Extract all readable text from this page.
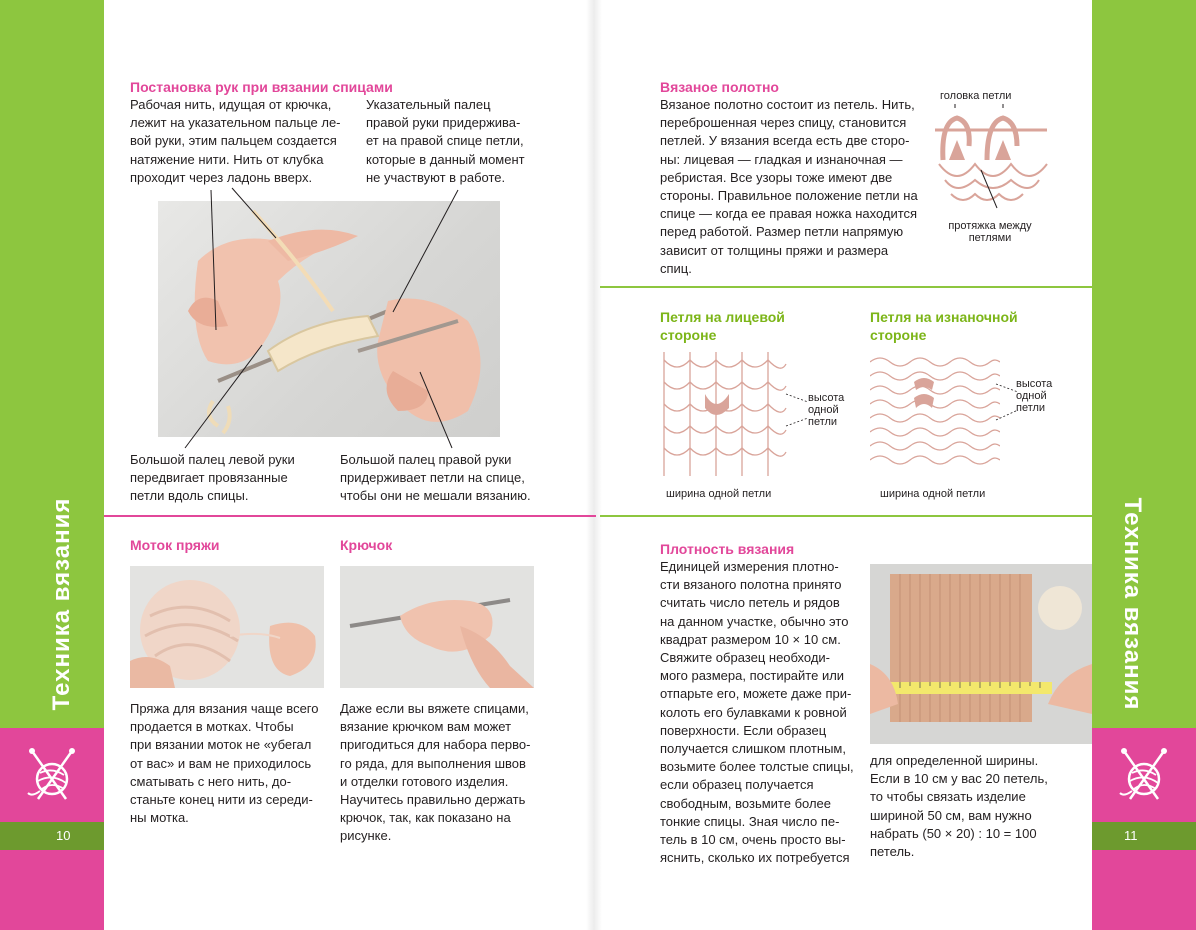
Техника вязания
10
Техника вязания
11
Постановка рук при вязании спицами
Рабочая нить, идущая от крючка,
лежит на указательном пальце ле-
вой руки, этим пальцем создается
натяжение нити. Нить от клубка
проходит через ладонь вверх.
Указательный палец
правой руки придержива-
ет на правой спице петли,
которые в данный момент
не участвуют в работе.
Большой палец левой руки
передвигает провязанные
петли вдоль спицы.
Большой палец правой руки
придерживает петли на спице,
чтобы они не мешали вязанию.
Моток пряжи
Пряжа для вязания чаще всего
продается в мотках. Чтобы
при вязании моток не «убегал
от вас» и вам не приходилось
сматывать с него нить, до-
станьте конец нити из середи-
ны мотка.
Крючок
Даже если вы вяжете спицами,
вязание крючком вам может
пригодиться для набора перво-
го ряда, для выполнения швов
и отделки готового изделия.
Научитесь правильно держать
крючок, так, как показано на
рисунке.
Вязаное полотно
Вязаное полотно состоит из петель. Нить,
переброшенная через спицу, становится
петлей. У вязания всегда есть две сторо-
ны: лицевая — гладкая и изнаночная —
ребристая. Все узоры тоже имеют две
стороны. Правильное положение петли на
спице — когда ее правая ножка находится
перед работой. Размер петли напрямую
зависит от толщины пряжи и размера
спиц.
головка петли
протяжка между
петлями
Петля на лицевой
стороне
высота
одной
петли
ширина одной петли
Петля на изнаночной
стороне
высота
одной
петли
ширина одной петли
Плотность вязания
Единицей измерения плотно-
сти вязаного полотна принято
считать число петель и рядов
на данном участке, обычно это
квадрат размером 10 × 10 см.
Свяжите образец необходи-
мого размера, постирайте или
отпарьте его, можете даже при-
колоть его булавками к ровной
поверхности. Если образец
получается слишком плотным,
возьмите более толстые спицы,
если образец получается
свободным, возьмите более
тонкие спицы. Зная число пе-
тель в 10 см, очень просто вы-
яснить, сколько их потребуется
для определенной ширины.
Если в 10 см у вас 20 петель,
то чтобы связать изделие
шириной 50 см, вам нужно
набрать (50 × 20) : 10 = 100
петель.
